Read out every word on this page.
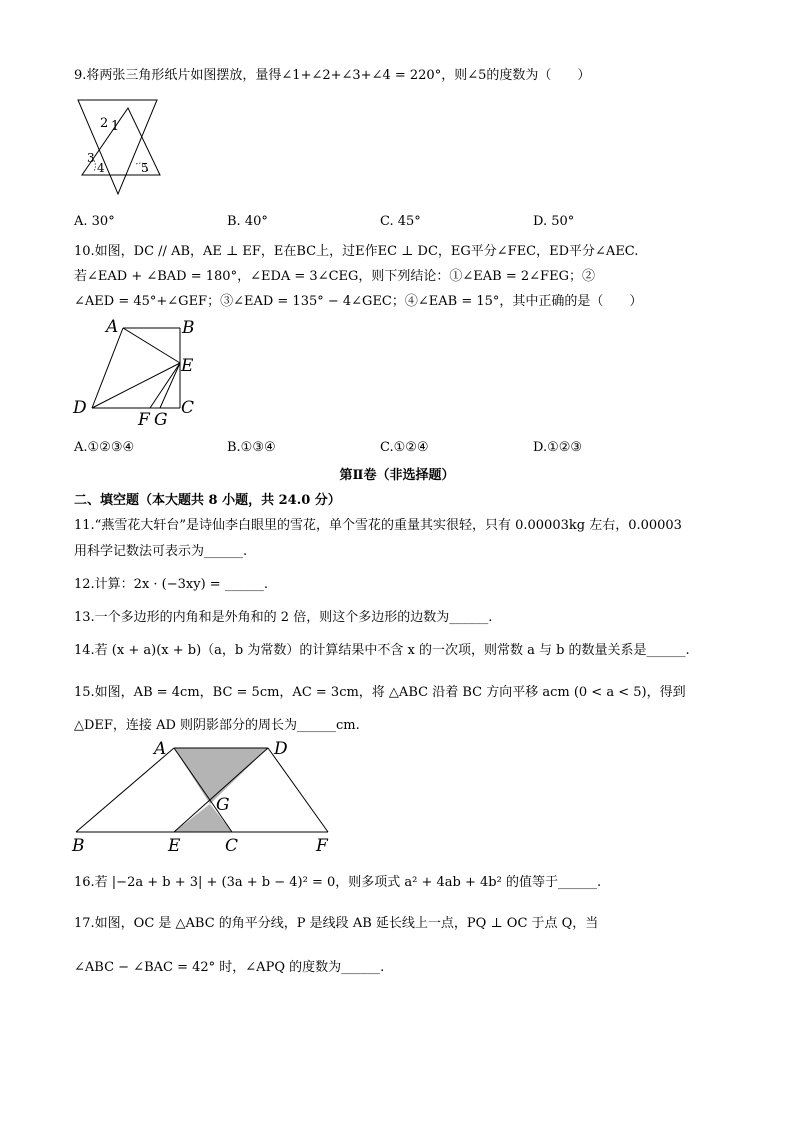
9.将两张三角形纸片如图摆放，量得∠1+∠2+∠3+∠4 = 220°，则∠5的度数为（　　）
2 1
3
4	5
A. 30°	B. 40°	C. 45°	D. 50°
10.如图，DC // AB，AE ⊥ EF，E在BC上，过E作EC ⊥ DC，EG平分∠FEC，ED平分∠AEC.
若∠EAD + ∠BAD = 180°，∠EDA = 3∠CEG，则下列结论：①∠EAB = 2∠FEG；②
∠AED = 45°+∠GEF；③∠EAD = 135° − 4∠GEC；④∠EAB = 15°，其中正确的是（　　）
A	B
E
D	C
F G
A.①②③④	B.①③④	C.①②④	D.①②③
第Ⅱ卷（非选择题）
二、填空题（本大题共 8 小题，共 24.0 分）
11.“燕雪花大轩台”是诗仙李白眼里的雪花，单个雪花的重量其实很轻，只有 0.00003kg 左右，0.00003
用科学记数法可表示为______.
12.计算：2x · (−3xy) = ______.
13.一个多边形的内角和是外角和的 2 倍，则这个多边形的边数为______.
14.若 (x + a)(x + b)（a，b 为常数）的计算结果中不含 x 的一次项，则常数 a 与 b 的数量关系是______.
15.如图，AB = 4cm，BC = 5cm，AC = 3cm，将 △ABC 沿着 BC 方向平移 acm (0 < a < 5)，得到
△DEF，连接 AD 则阴影部分的周长为______cm.
A	D
G
B	E	C	F
16.若 |−2a + b + 3| + (3a + b − 4)² = 0，则多项式 a² + 4ab + 4b² 的值等于______.
17.如图，OC 是 △ABC 的角平分线，P 是线段 AB 延长线上一点，PQ ⊥ OC 于点 Q，当
∠ABC − ∠BAC = 42° 时，∠APQ 的度数为______.
